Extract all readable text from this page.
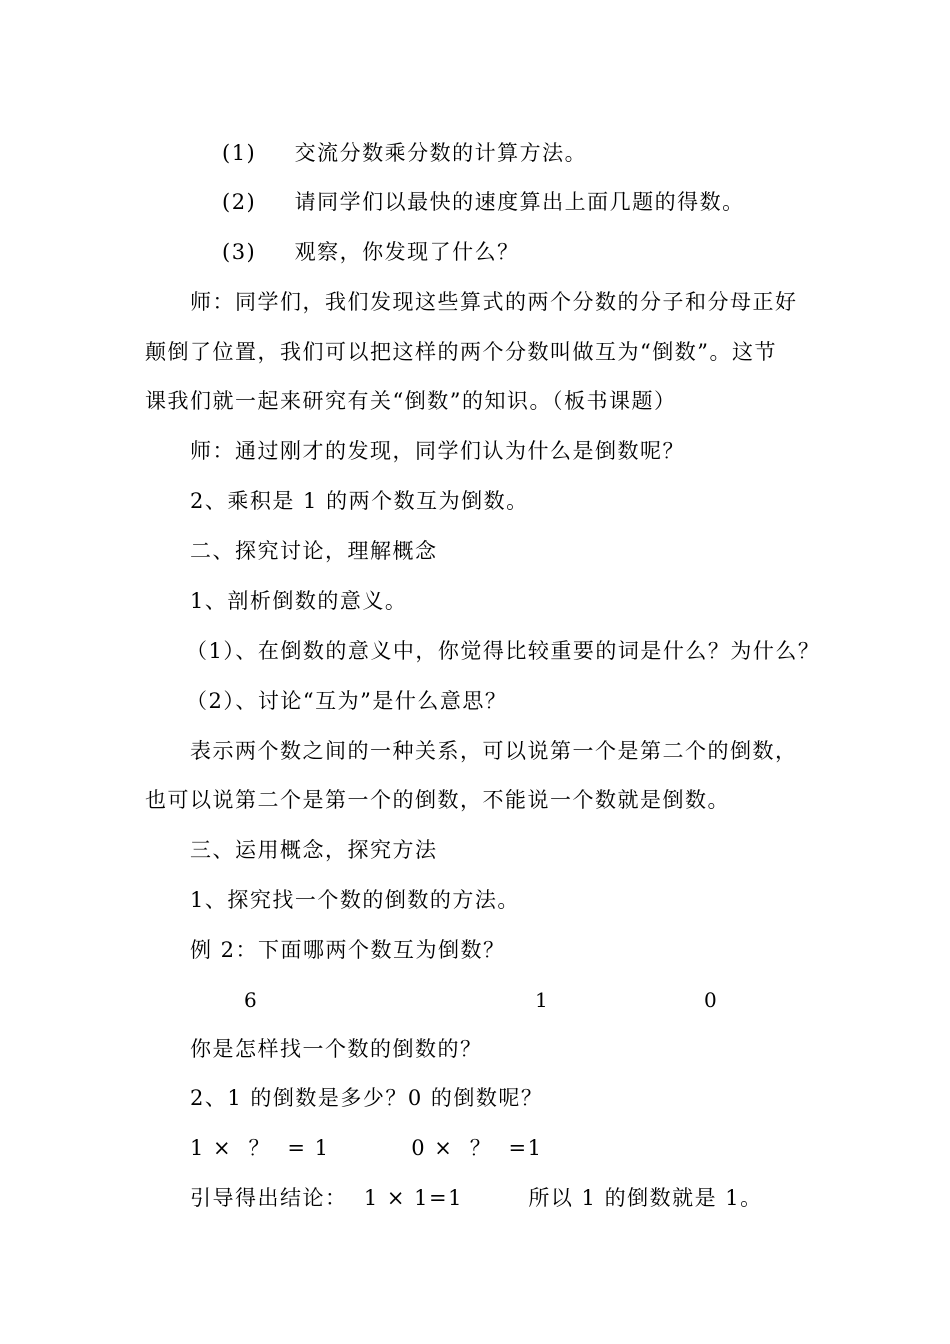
(1) 交流分数乘分数的计算方法。
(2) 请同学们以最快的速度算出上面几题的得数。
(3) 观察，你发现了什么？
师：同学们，我们发现这些算式的两个分数的分子和分母正好
颠倒了位置，我们可以把这样的两个分数叫做互为“倒数”。这节
课我们就一起来研究有关“倒数”的知识。（板书课题）
师：通过刚才的发现，同学们认为什么是倒数呢？
2、乘积是 1 的两个数互为倒数。
二、探究讨论，理解概念
1、剖析倒数的意义。
（1）、在倒数的意义中，你觉得比较重要的词是什么？为什么？
（2）、讨论“互为”是什么意思？
表示两个数之间的一种关系，可以说第一个是第二个的倒数，
也可以说第二个是第一个的倒数，不能说一个数就是倒数。
三、运用概念，探究方法
1、探究找一个数的倒数的方法。
例 2：下面哪两个数互为倒数？
6	1	0
你是怎样找一个数的倒数的？
2、1 的倒数是多少？0 的倒数呢？
1 ×  ？  = 1          0 ×  ？  =1
引导得出结论：  1 × 1=1        所以 1 的倒数就是 1。
